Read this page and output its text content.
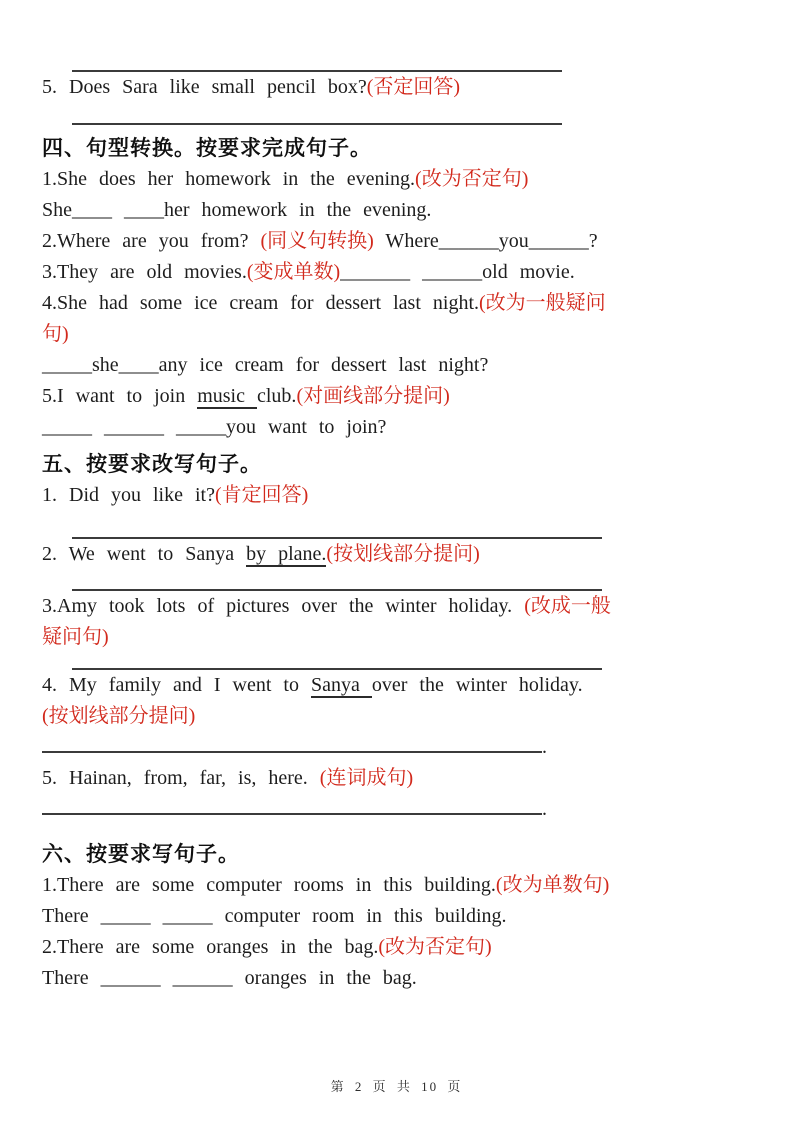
5. Does Sara like small pencil box?(否定回答)

四、句型转换。按要求完成句子。

1.She does her homework in the evening.(改为否定句)

She____ ____her homework in the evening.

2.Where are you from? (同义句转换) Where______you______?

3.They are old movies.(变成单数)_______ ______old movie.

4.She had some ice cream for dessert last night.(改为一般疑问
句)

_____she____any ice cream for dessert last night?

5.I want to join music club.(对画线部分提问)

_____ ______ _____you want to join?

五、按要求改写句子。

1. Did you like it?(肯定回答)

2. We went to Sanya by plane.(按划线部分提问)

3.Amy took lots of pictures over the winter holiday. (改成一般
疑问句)

4. My family and I went to Sanya over the winter holiday.
(按划线部分提问)

.

5. Hainan, from, far, is, here. (连词成句)

.

六、按要求写句子。

1.There are some computer rooms in this building.(改为单数句)

There _____ _____ computer room in this building.

2.There are some oranges in the bag.(改为否定句)

There ______ ______ oranges in the bag.

第 2 页 共 10 页
